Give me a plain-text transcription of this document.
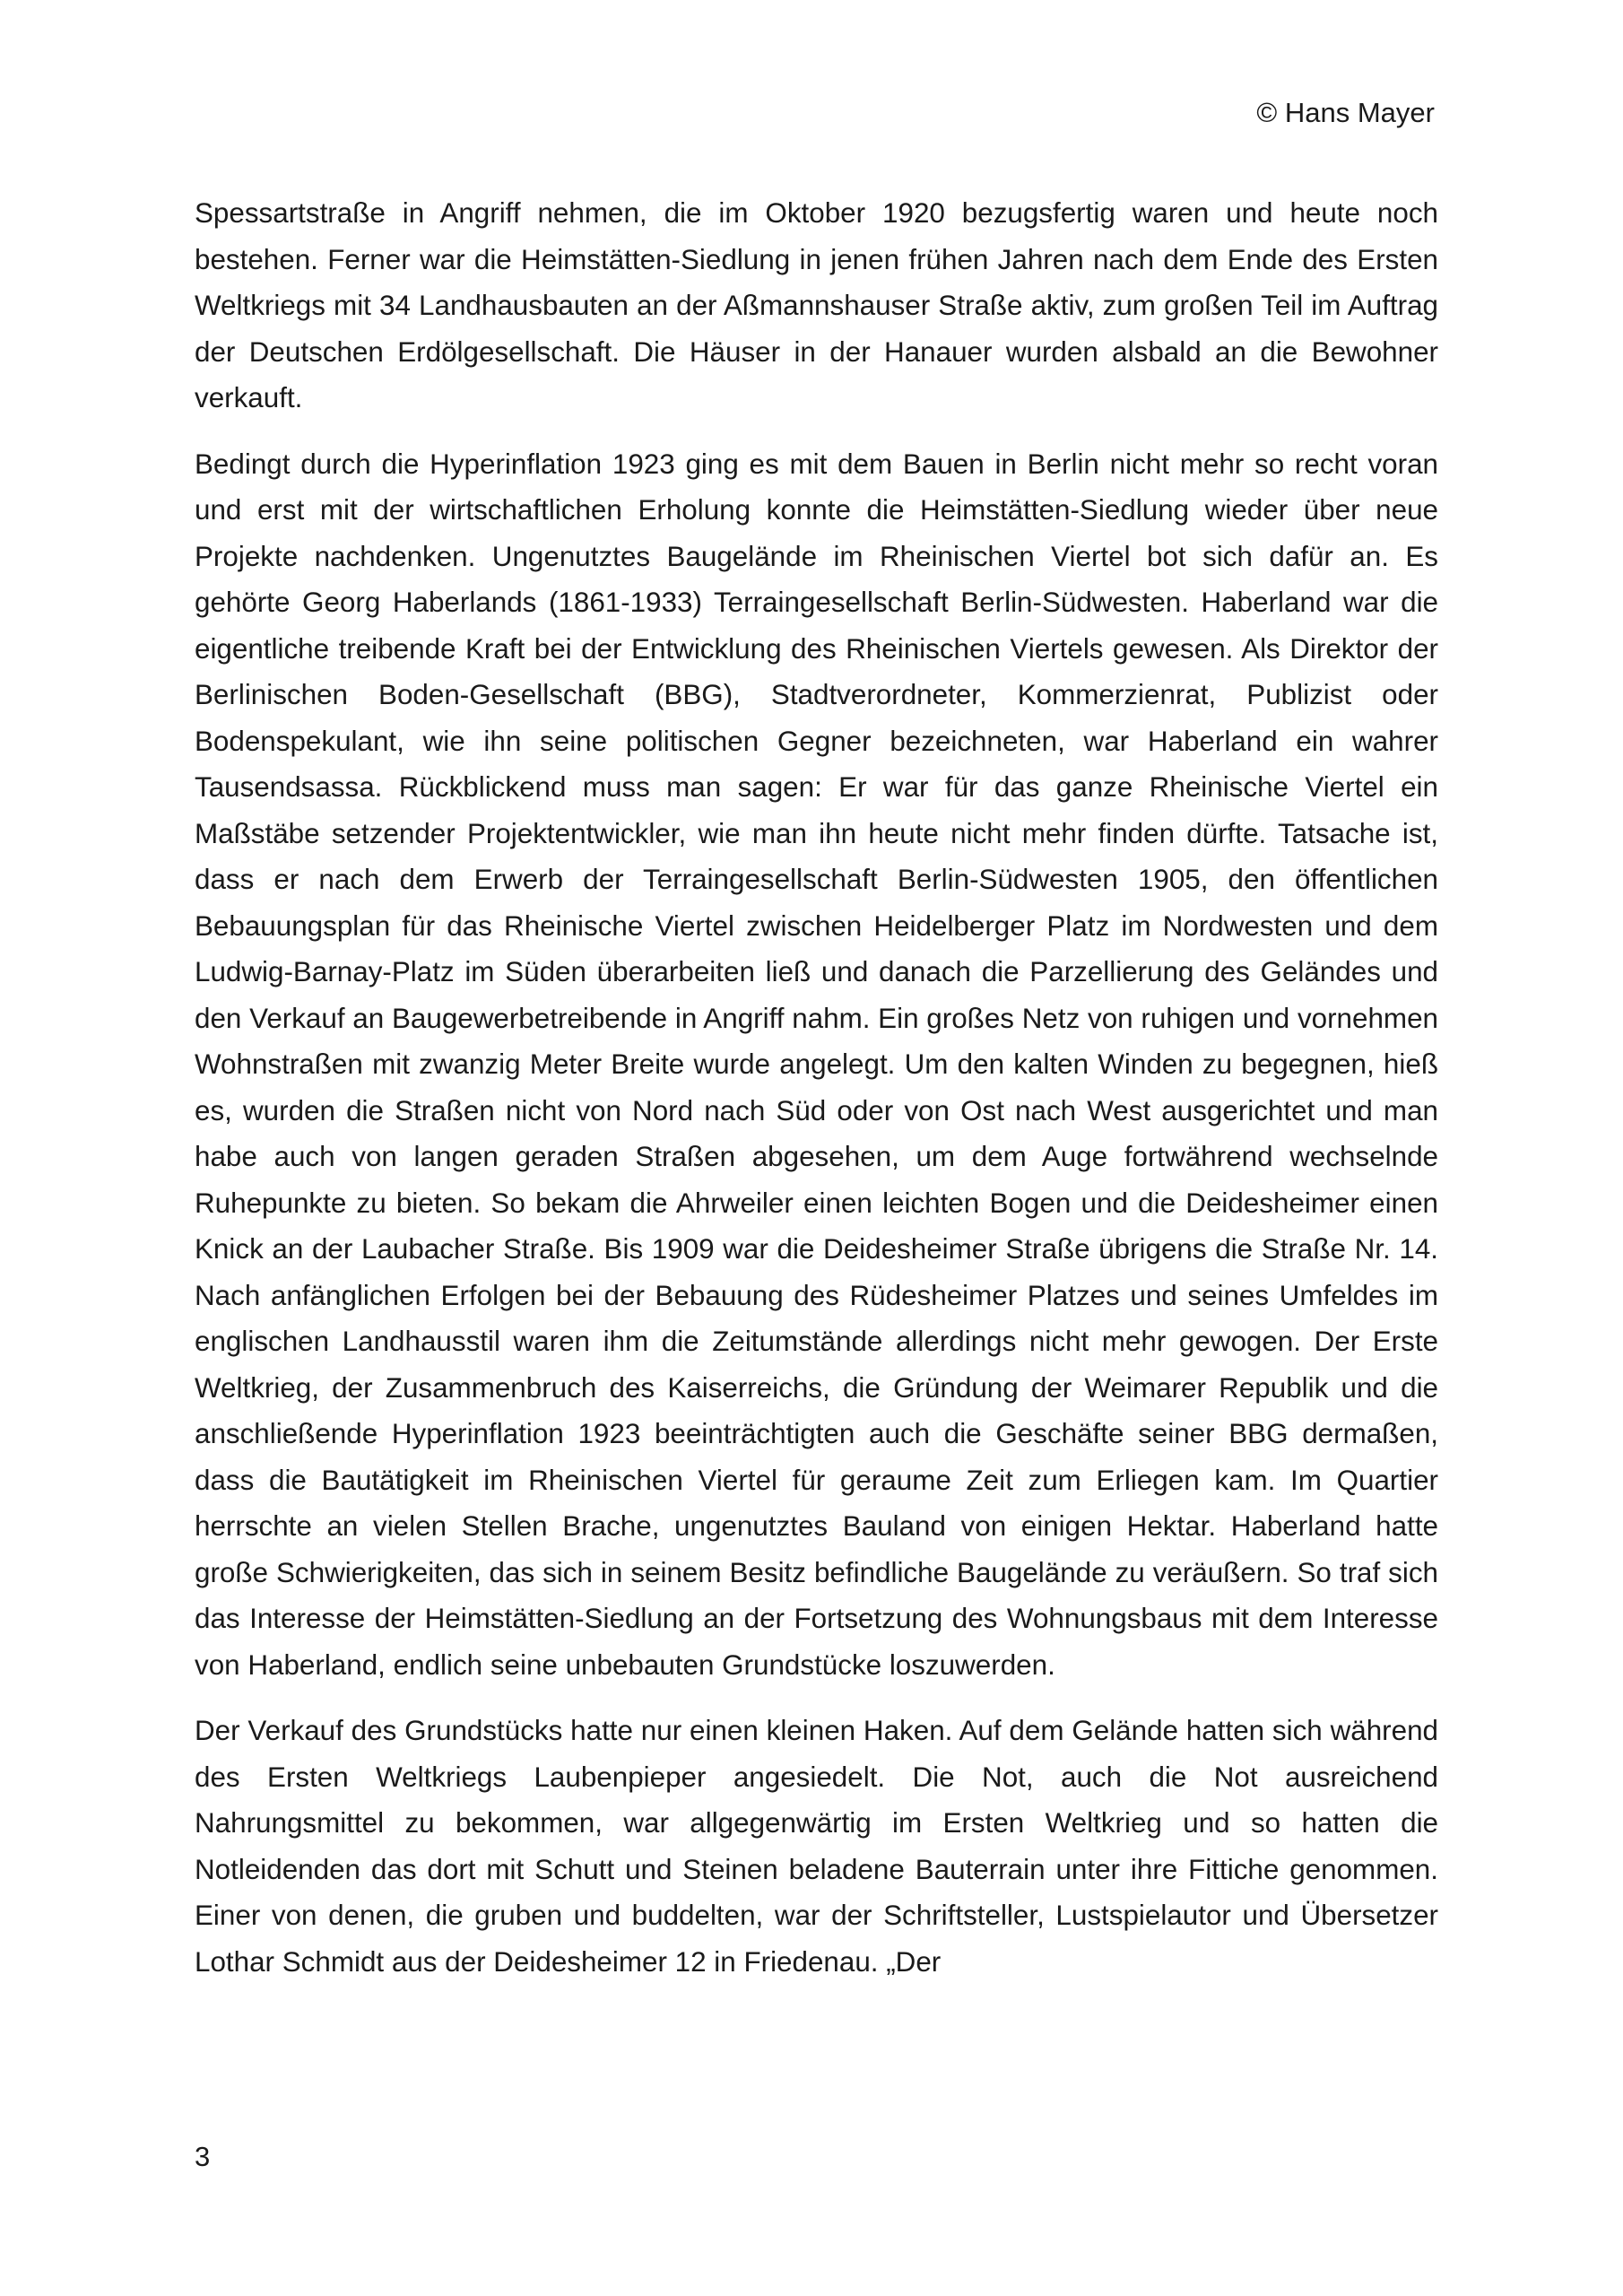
© Hans Mayer

Spessartstraße in Angriff nehmen, die im Oktober 1920 bezugsfertig waren und heute noch bestehen. Ferner war die Heimstätten-Siedlung in jenen frühen Jahren nach dem Ende des Ersten Weltkriegs mit 34 Landhausbauten an der Aßmannshauser Straße aktiv, zum großen Teil im Auftrag der Deutschen Erdölgesellschaft. Die Häuser in der Hanauer wurden alsbald an die Bewohner verkauft.

Bedingt durch die Hyperinflation 1923 ging es mit dem Bauen in Berlin nicht mehr so recht voran und erst mit der wirtschaftlichen Erholung konnte die Heimstätten-Siedlung wieder über neue Projekte nachdenken. Ungenutztes Baugelände im Rheinischen Viertel bot sich dafür an. Es gehörte Georg Haberlands (1861-1933) Terraingesellschaft Berlin-Südwesten. Haberland war die eigentliche treibende Kraft bei der Entwicklung des Rheinischen Viertels gewesen. Als Direktor der Berlinischen Boden-Gesellschaft (BBG), Stadtverordneter, Kommerzienrat, Publizist oder Bodenspekulant, wie ihn seine politischen Gegner bezeichneten, war Haberland ein wahrer Tausendsassa. Rückblickend muss man sagen: Er war für das ganze Rheinische Viertel ein Maßstäbe setzender Projektentwickler, wie man ihn heute nicht mehr finden dürfte. Tatsache ist, dass er nach dem Erwerb der Terraingesellschaft Berlin-Südwesten 1905, den öffentlichen Bebauungsplan für das Rheinische Viertel zwischen Heidelberger Platz im Nordwesten und dem Ludwig-Barnay-Platz im Süden überarbeiten ließ und danach die Parzellierung des Geländes und den Verkauf an Baugewerbetreibende in Angriff nahm. Ein großes Netz von ruhigen und vornehmen Wohnstraßen mit zwanzig Meter Breite wurde angelegt. Um den kalten Winden zu begegnen, hieß es, wurden die Straßen nicht von Nord nach Süd oder von Ost nach West ausgerichtet und man habe auch von langen geraden Straßen abgesehen, um dem Auge fortwährend wechselnde Ruhepunkte zu bieten. So bekam die Ahrweiler einen leichten Bogen und die Deidesheimer einen Knick an der Laubacher Straße. Bis 1909 war die Deidesheimer Straße übrigens die Straße Nr. 14. Nach anfänglichen Erfolgen bei der Bebauung des Rüdesheimer Platzes und seines Umfeldes im englischen Landhausstil waren ihm die Zeitumstände allerdings nicht mehr gewogen. Der Erste Weltkrieg, der Zusammenbruch des Kaiserreichs, die Gründung der Weimarer Republik und die anschließende Hyperinflation 1923 beeinträchtigten auch die Geschäfte seiner BBG dermaßen, dass die Bautätigkeit im Rheinischen Viertel für geraume Zeit zum Erliegen kam. Im Quartier herrschte an vielen Stellen Brache, ungenutztes Bauland von einigen Hektar. Haberland hatte große Schwierigkeiten, das sich in seinem Besitz befindliche Baugelände zu veräußern. So traf sich das Interesse der Heimstätten-Siedlung an der Fortsetzung des Wohnungsbaus mit dem Interesse von Haberland, endlich seine unbebauten Grundstücke loszuwerden.

Der Verkauf des Grundstücks hatte nur einen kleinen Haken. Auf dem Gelände hatten sich während des Ersten Weltkriegs Laubenpieper angesiedelt. Die Not, auch die Not ausreichend Nahrungsmittel zu bekommen, war allgegenwärtig im Ersten Weltkrieg und so hatten die Notleidenden das dort mit Schutt und Steinen beladene Bauterrain unter ihre Fittiche genommen. Einer von denen, die gruben und buddelten, war der Schriftsteller, Lustspielautor und Übersetzer Lothar Schmidt aus der Deidesheimer 12 in Friedenau. „Der

3
